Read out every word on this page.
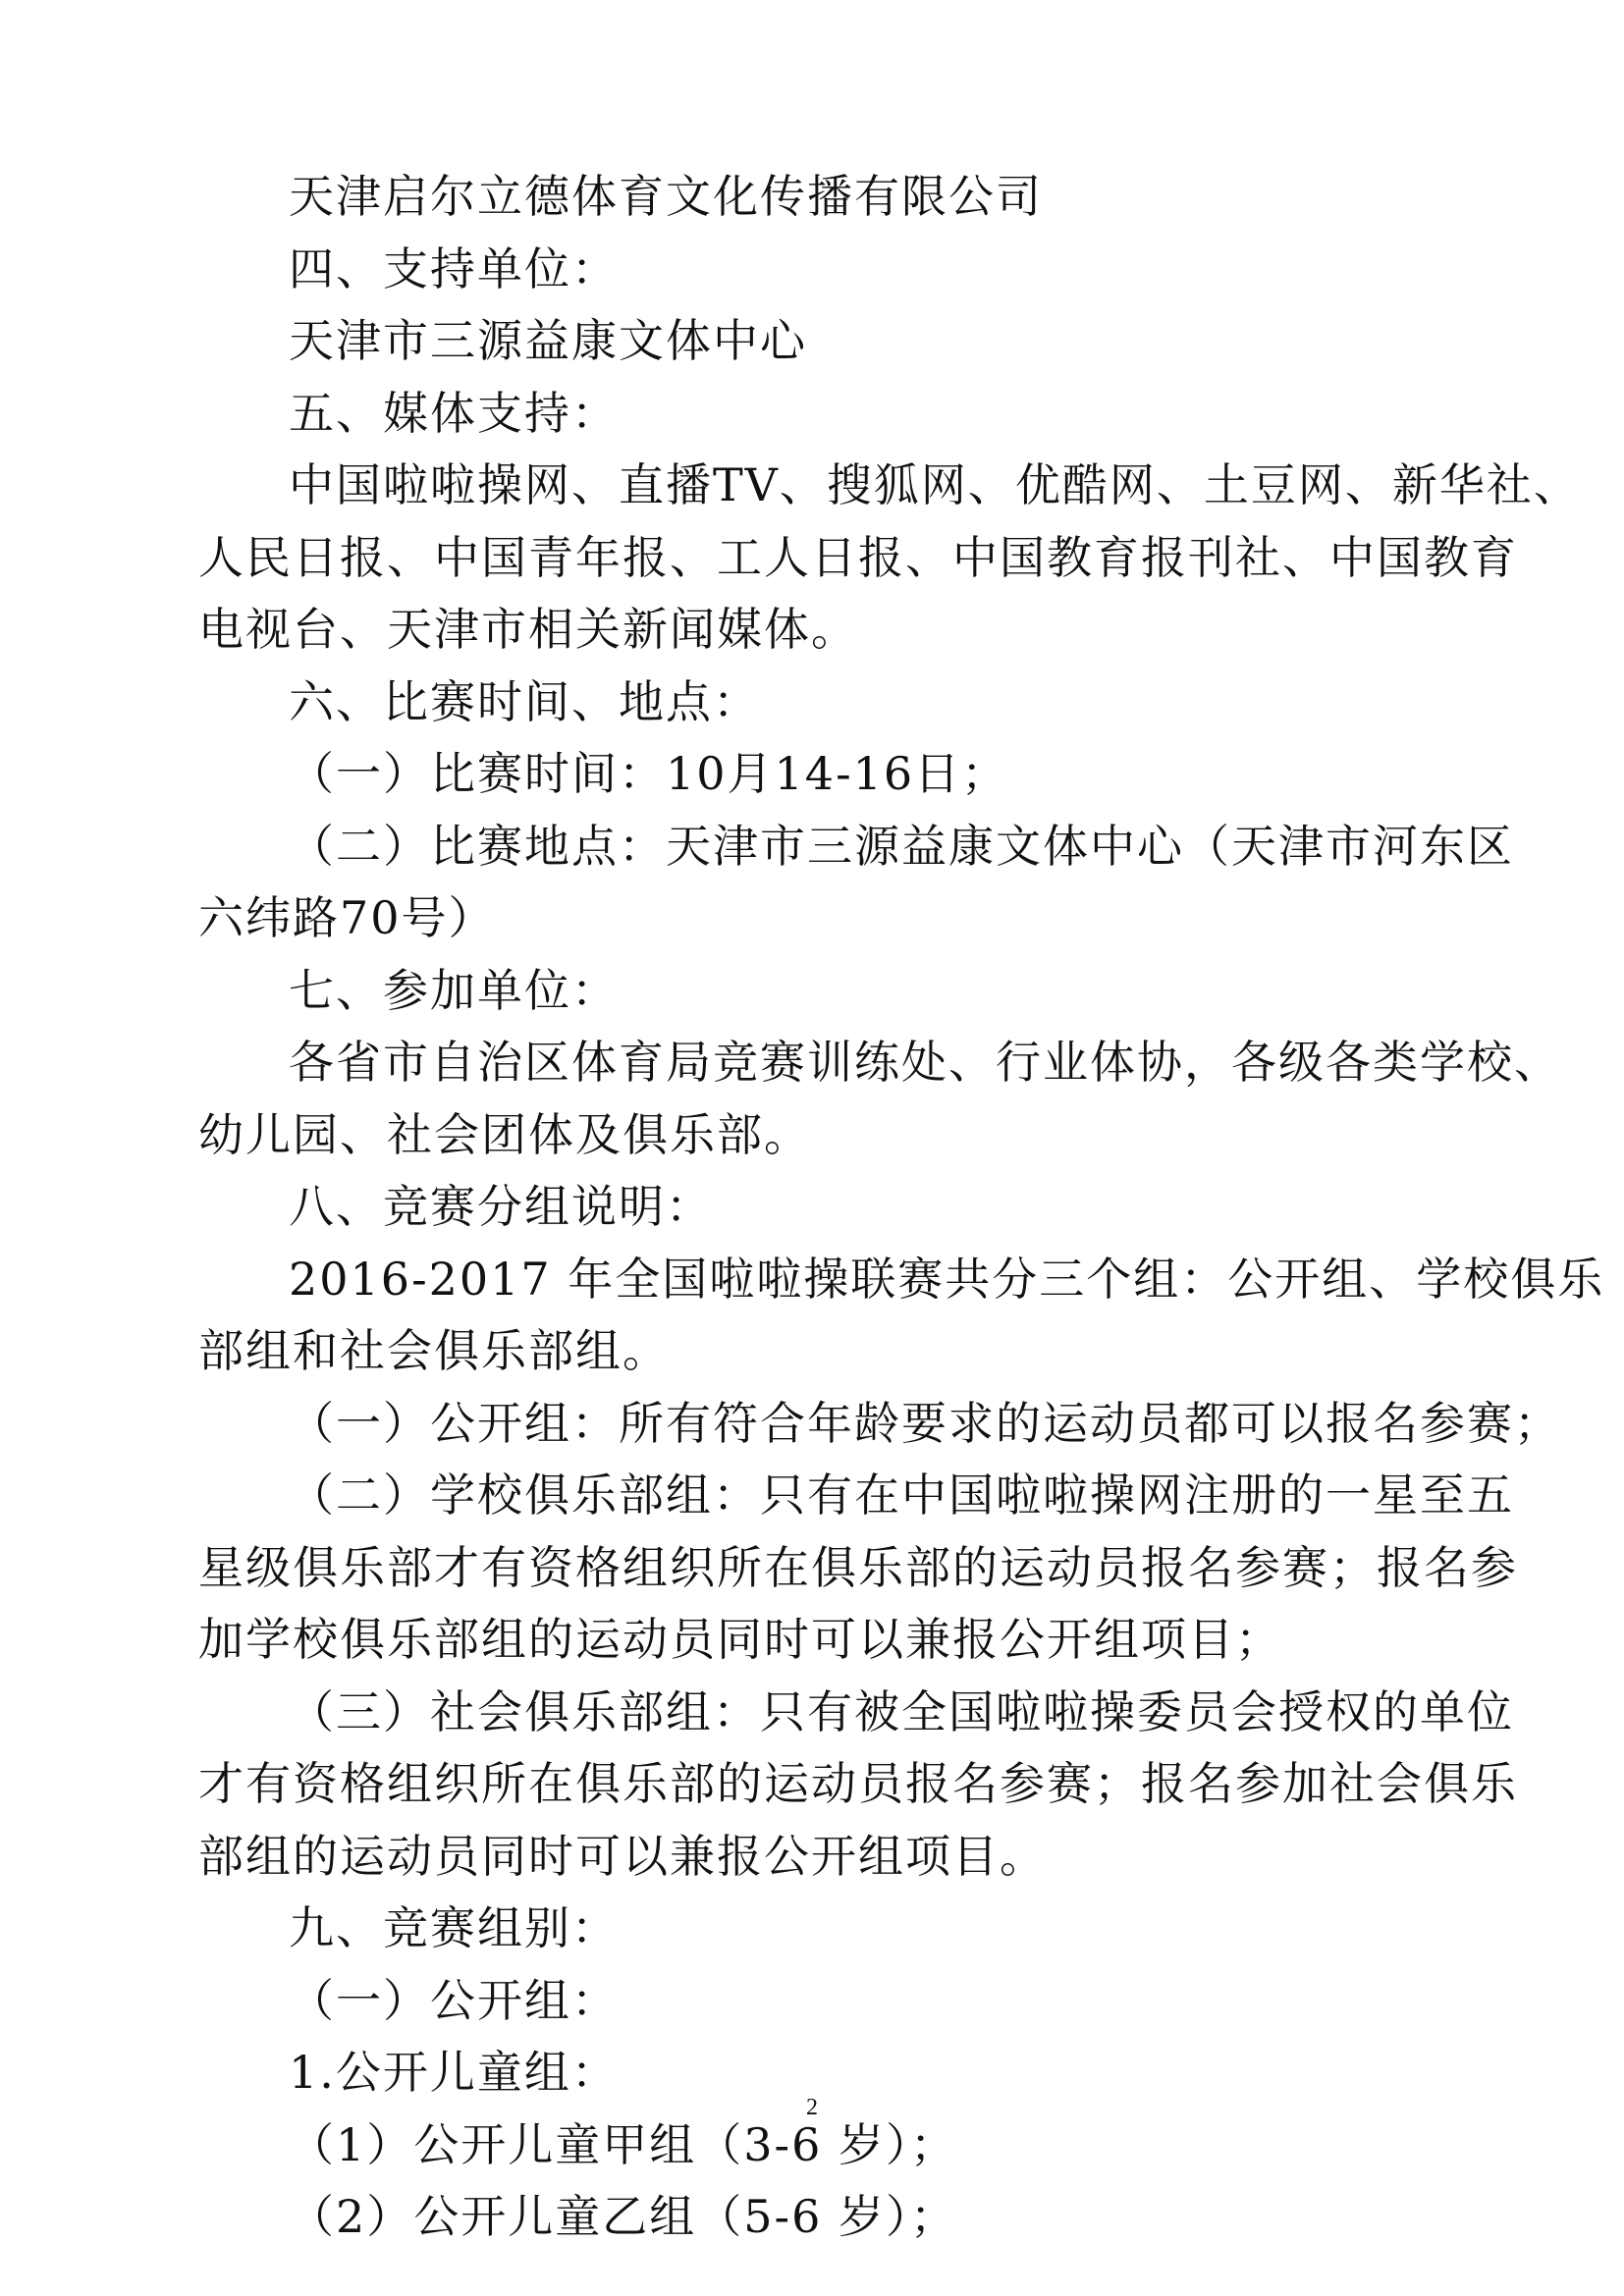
天津启尔立德体育文化传播有限公司
四、支持单位：
天津市三源益康文体中心
五、媒体支持：
中国啦啦操网、直播TV、搜狐网、优酷网、土豆网、新华社、
人民日报、中国青年报、工人日报、中国教育报刊社、中国教育
电视台、天津市相关新闻媒体。
六、比赛时间、地点：
（一）比赛时间：10月14-16日；
（二）比赛地点：天津市三源益康文体中心（天津市河东区
六纬路70号）
七、参加单位：
各省市自治区体育局竞赛训练处、行业体协，各级各类学校、
幼儿园、社会团体及俱乐部。
八、竞赛分组说明：
2016-2017 年全国啦啦操联赛共分三个组：公开组、学校俱乐
部组和社会俱乐部组。
（一）公开组：所有符合年龄要求的运动员都可以报名参赛；
（二）学校俱乐部组：只有在中国啦啦操网注册的一星至五
星级俱乐部才有资格组织所在俱乐部的运动员报名参赛；报名参
加学校俱乐部组的运动员同时可以兼报公开组项目；
（三）社会俱乐部组：只有被全国啦啦操委员会授权的单位
才有资格组织所在俱乐部的运动员报名参赛；报名参加社会俱乐
部组的运动员同时可以兼报公开组项目。
九、竞赛组别：
（一）公开组：
1.公开儿童组：
（1）公开儿童甲组（3-6 岁）；
（2）公开儿童乙组（5-6 岁）；
2
